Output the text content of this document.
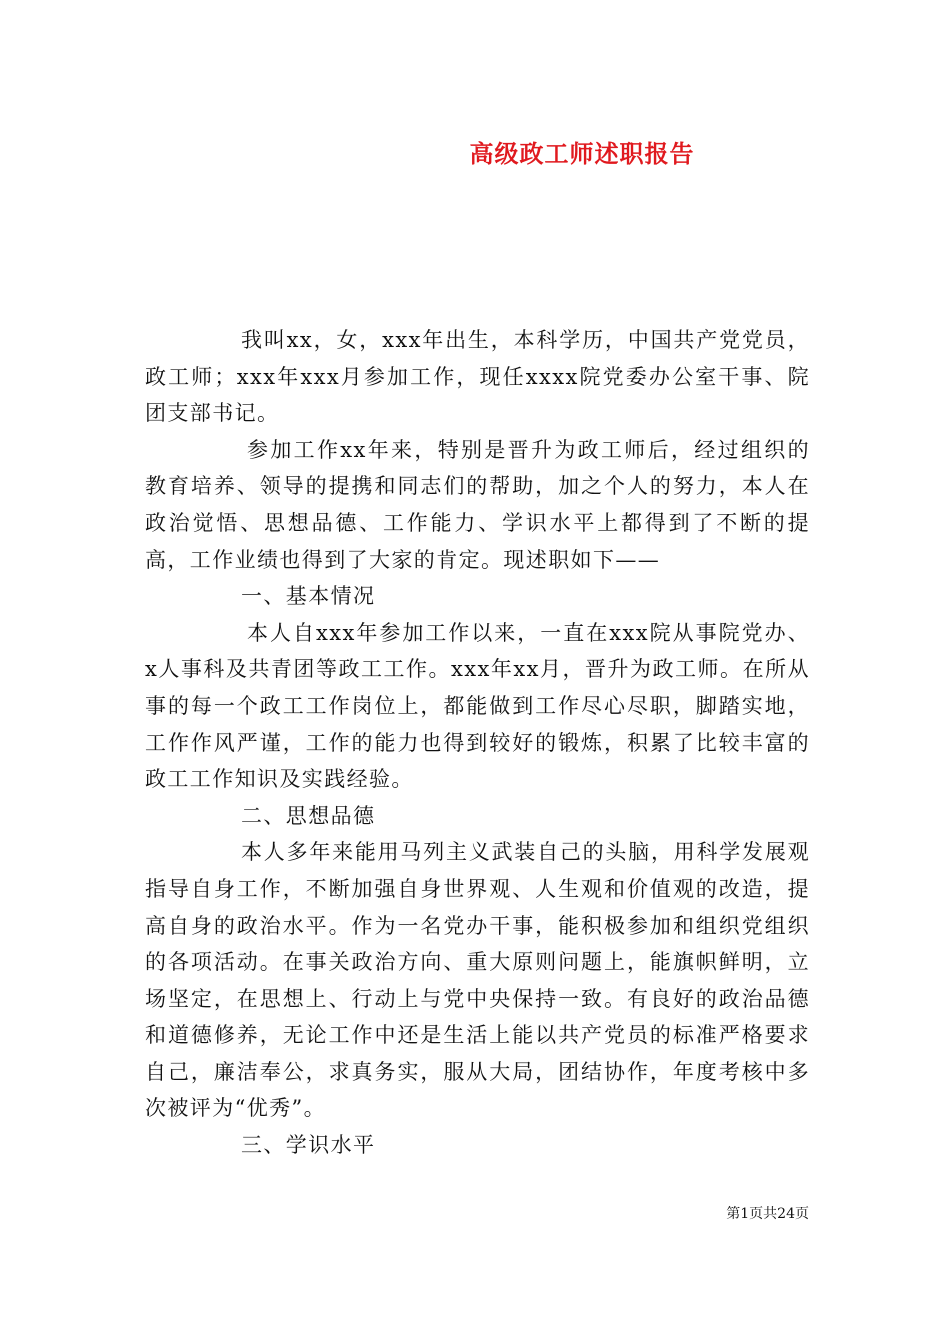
高级政工师述职报告

我叫xx，女，xxx年出生，本科学历，中国共产党党员，政工师；xxx年xxx月参加工作，现任xxxx院党委办公室干事、院团支部书记。

参加工作xx年来，特别是晋升为政工师后，经过组织的教育培养、领导的提携和同志们的帮助，加之个人的努力，本人在政治觉悟、思想品德、工作能力、学识水平上都得到了不断的提高，工作业绩也得到了大家的肯定。现述职如下——

一、基本情况

本人自xxx年参加工作以来，一直在xxx院从事院党办、x人事科及共青团等政工工作。xxx年xx月，晋升为政工师。在所从事的每一个政工工作岗位上，都能做到工作尽心尽职，脚踏实地，工作作风严谨，工作的能力也得到较好的锻炼，积累了比较丰富的政工工作知识及实践经验。

二、思想品德

本人多年来能用马列主义武装自己的头脑，用科学发展观指导自身工作，不断加强自身世界观、人生观和价值观的改造，提高自身的政治水平。作为一名党办干事，能积极参加和组织党组织的各项活动。在事关政治方向、重大原则问题上，能旗帜鲜明，立场坚定，在思想上、行动上与党中央保持一致。有良好的政治品德和道德修养，无论工作中还是生活上能以共产党员的标准严格要求自己，廉洁奉公，求真务实，服从大局，团结协作，年度考核中多次被评为“优秀”。

三、学识水平

第1页共24页
